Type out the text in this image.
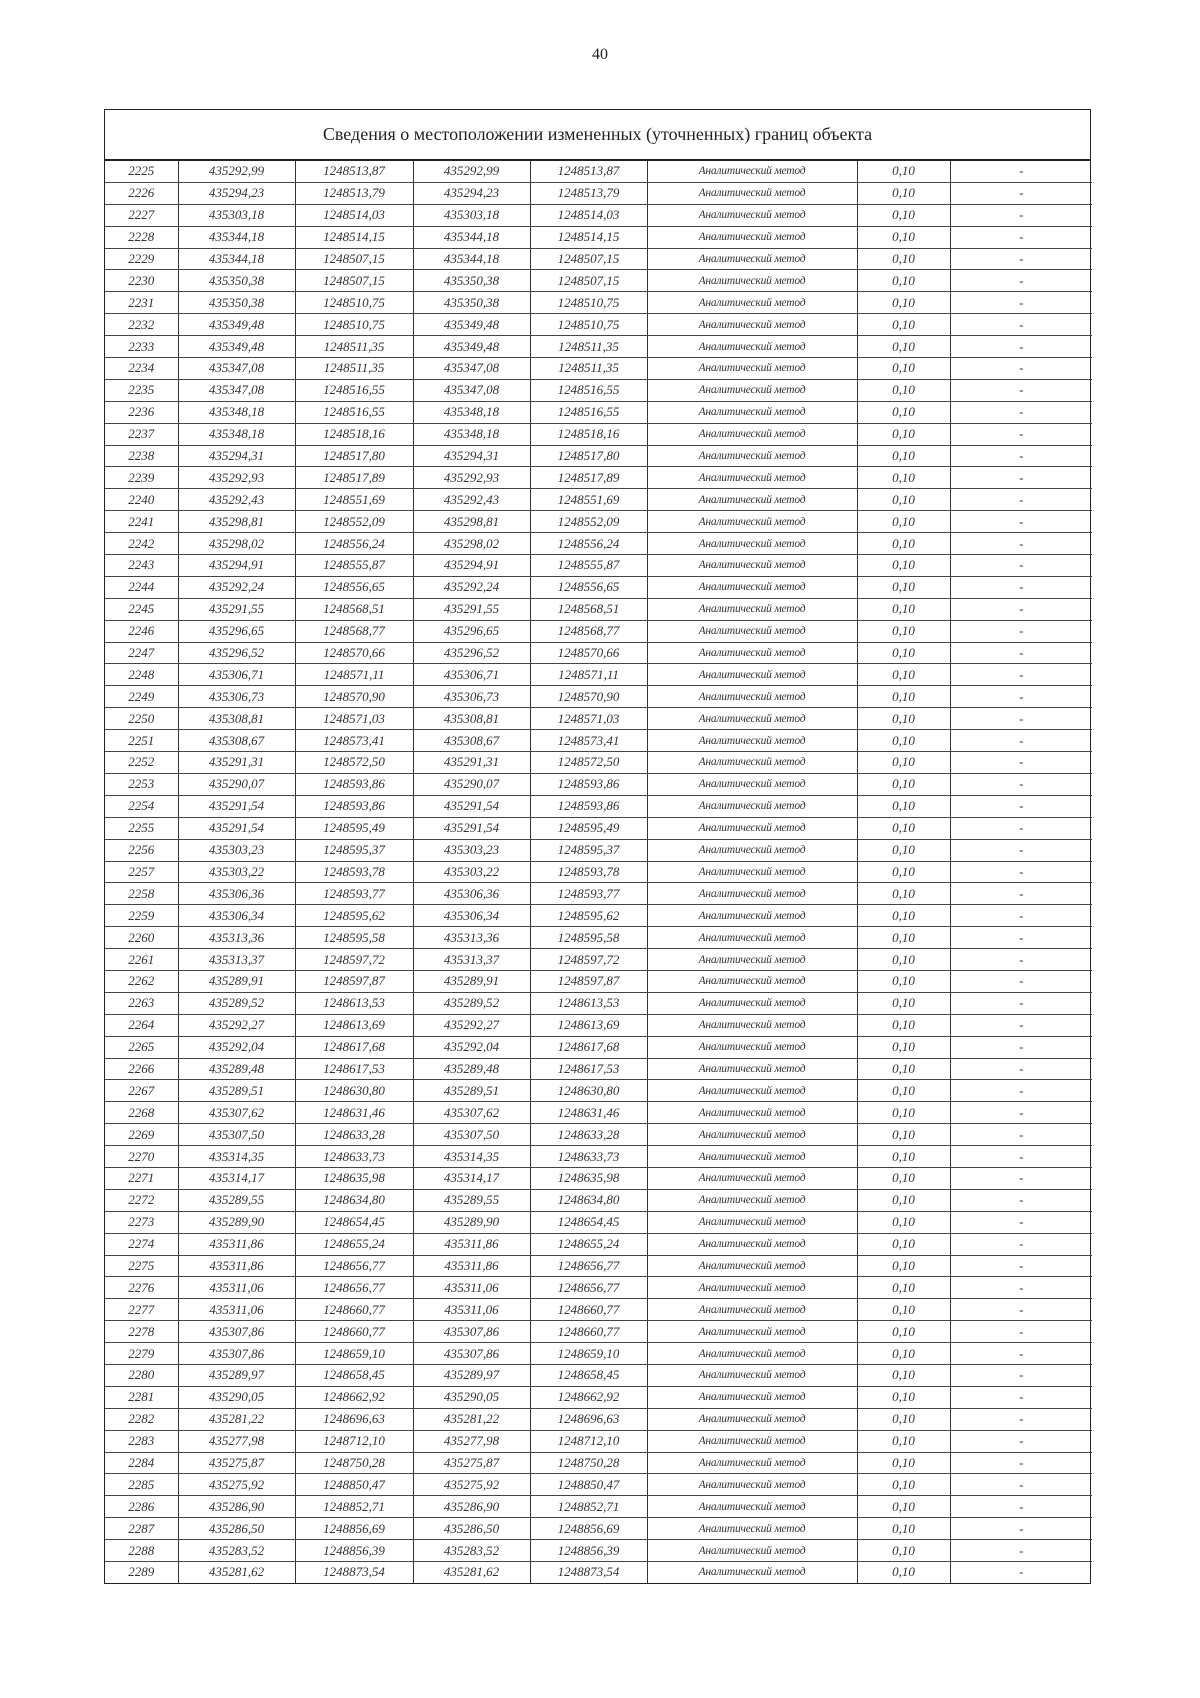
40
Сведения о местоположении измененных (уточненных) границ объекта
2225	435292,99	1248513,87	435292,99	1248513,87	Аналитический метод	0,10	-
2226	435294,23	1248513,79	435294,23	1248513,79	Аналитический метод	0,10	-
2227	435303,18	1248514,03	435303,18	1248514,03	Аналитический метод	0,10	-
2228	435344,18	1248514,15	435344,18	1248514,15	Аналитический метод	0,10	-
2229	435344,18	1248507,15	435344,18	1248507,15	Аналитический метод	0,10	-
2230	435350,38	1248507,15	435350,38	1248507,15	Аналитический метод	0,10	-
2231	435350,38	1248510,75	435350,38	1248510,75	Аналитический метод	0,10	-
2232	435349,48	1248510,75	435349,48	1248510,75	Аналитический метод	0,10	-
2233	435349,48	1248511,35	435349,48	1248511,35	Аналитический метод	0,10	-
2234	435347,08	1248511,35	435347,08	1248511,35	Аналитический метод	0,10	-
2235	435347,08	1248516,55	435347,08	1248516,55	Аналитический метод	0,10	-
2236	435348,18	1248516,55	435348,18	1248516,55	Аналитический метод	0,10	-
2237	435348,18	1248518,16	435348,18	1248518,16	Аналитический метод	0,10	-
2238	435294,31	1248517,80	435294,31	1248517,80	Аналитический метод	0,10	-
2239	435292,93	1248517,89	435292,93	1248517,89	Аналитический метод	0,10	-
2240	435292,43	1248551,69	435292,43	1248551,69	Аналитический метод	0,10	-
2241	435298,81	1248552,09	435298,81	1248552,09	Аналитический метод	0,10	-
2242	435298,02	1248556,24	435298,02	1248556,24	Аналитический метод	0,10	-
2243	435294,91	1248555,87	435294,91	1248555,87	Аналитический метод	0,10	-
2244	435292,24	1248556,65	435292,24	1248556,65	Аналитический метод	0,10	-
2245	435291,55	1248568,51	435291,55	1248568,51	Аналитический метод	0,10	-
2246	435296,65	1248568,77	435296,65	1248568,77	Аналитический метод	0,10	-
2247	435296,52	1248570,66	435296,52	1248570,66	Аналитический метод	0,10	-
2248	435306,71	1248571,11	435306,71	1248571,11	Аналитический метод	0,10	-
2249	435306,73	1248570,90	435306,73	1248570,90	Аналитический метод	0,10	-
2250	435308,81	1248571,03	435308,81	1248571,03	Аналитический метод	0,10	-
2251	435308,67	1248573,41	435308,67	1248573,41	Аналитический метод	0,10	-
2252	435291,31	1248572,50	435291,31	1248572,50	Аналитический метод	0,10	-
2253	435290,07	1248593,86	435290,07	1248593,86	Аналитический метод	0,10	-
2254	435291,54	1248593,86	435291,54	1248593,86	Аналитический метод	0,10	-
2255	435291,54	1248595,49	435291,54	1248595,49	Аналитический метод	0,10	-
2256	435303,23	1248595,37	435303,23	1248595,37	Аналитический метод	0,10	-
2257	435303,22	1248593,78	435303,22	1248593,78	Аналитический метод	0,10	-
2258	435306,36	1248593,77	435306,36	1248593,77	Аналитический метод	0,10	-
2259	435306,34	1248595,62	435306,34	1248595,62	Аналитический метод	0,10	-
2260	435313,36	1248595,58	435313,36	1248595,58	Аналитический метод	0,10	-
2261	435313,37	1248597,72	435313,37	1248597,72	Аналитический метод	0,10	-
2262	435289,91	1248597,87	435289,91	1248597,87	Аналитический метод	0,10	-
2263	435289,52	1248613,53	435289,52	1248613,53	Аналитический метод	0,10	-
2264	435292,27	1248613,69	435292,27	1248613,69	Аналитический метод	0,10	-
2265	435292,04	1248617,68	435292,04	1248617,68	Аналитический метод	0,10	-
2266	435289,48	1248617,53	435289,48	1248617,53	Аналитический метод	0,10	-
2267	435289,51	1248630,80	435289,51	1248630,80	Аналитический метод	0,10	-
2268	435307,62	1248631,46	435307,62	1248631,46	Аналитический метод	0,10	-
2269	435307,50	1248633,28	435307,50	1248633,28	Аналитический метод	0,10	-
2270	435314,35	1248633,73	435314,35	1248633,73	Аналитический метод	0,10	-
2271	435314,17	1248635,98	435314,17	1248635,98	Аналитический метод	0,10	-
2272	435289,55	1248634,80	435289,55	1248634,80	Аналитический метод	0,10	-
2273	435289,90	1248654,45	435289,90	1248654,45	Аналитический метод	0,10	-
2274	435311,86	1248655,24	435311,86	1248655,24	Аналитический метод	0,10	-
2275	435311,86	1248656,77	435311,86	1248656,77	Аналитический метод	0,10	-
2276	435311,06	1248656,77	435311,06	1248656,77	Аналитический метод	0,10	-
2277	435311,06	1248660,77	435311,06	1248660,77	Аналитический метод	0,10	-
2278	435307,86	1248660,77	435307,86	1248660,77	Аналитический метод	0,10	-
2279	435307,86	1248659,10	435307,86	1248659,10	Аналитический метод	0,10	-
2280	435289,97	1248658,45	435289,97	1248658,45	Аналитический метод	0,10	-
2281	435290,05	1248662,92	435290,05	1248662,92	Аналитический метод	0,10	-
2282	435281,22	1248696,63	435281,22	1248696,63	Аналитический метод	0,10	-
2283	435277,98	1248712,10	435277,98	1248712,10	Аналитический метод	0,10	-
2284	435275,87	1248750,28	435275,87	1248750,28	Аналитический метод	0,10	-
2285	435275,92	1248850,47	435275,92	1248850,47	Аналитический метод	0,10	-
2286	435286,90	1248852,71	435286,90	1248852,71	Аналитический метод	0,10	-
2287	435286,50	1248856,69	435286,50	1248856,69	Аналитический метод	0,10	-
2288	435283,52	1248856,39	435283,52	1248856,39	Аналитический метод	0,10	-
2289	435281,62	1248873,54	435281,62	1248873,54	Аналитический метод	0,10	-
